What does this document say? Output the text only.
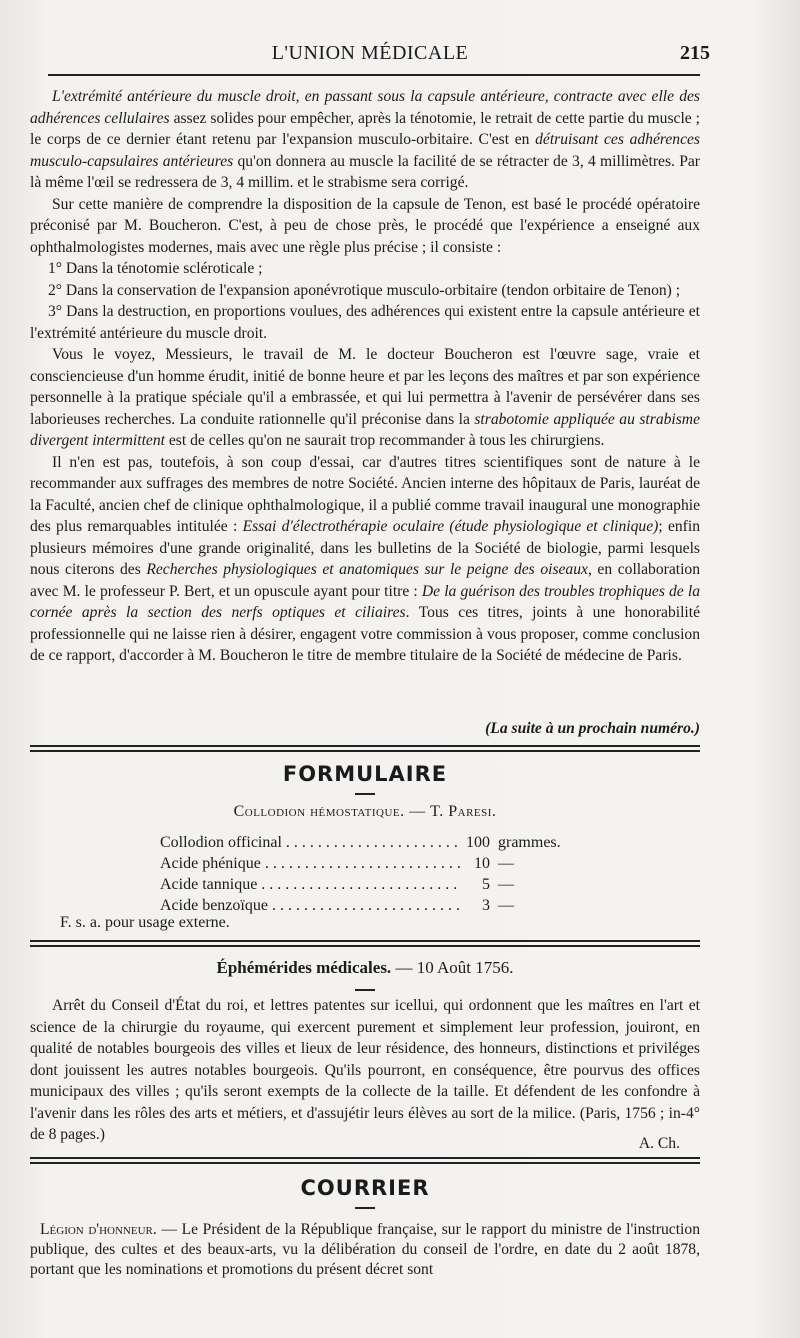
L'UNION MÉDICALE	215

L'extrémité antérieure du muscle droit, en passant sous la capsule antérieure, contracte avec elle des adhérences cellulaires assez solides pour empêcher, après la ténotomie, le retrait de cette partie du muscle ; le corps de ce dernier étant retenu par l'expansion musculo-orbitaire. C'est en détruisant ces adhérences musculo-capsulaires antérieures qu'on donnera au muscle la facilité de se rétracter de 3, 4 millimètres. Par là même l'œil se redressera de 3, 4 millim. et le strabisme sera corrigé.

Sur cette manière de comprendre la disposition de la capsule de Tenon, est basé le procédé opératoire préconisé par M. Boucheron. C'est, à peu de chose près, le procédé que l'expérience a enseigné aux ophthalmologistes modernes, mais avec une règle plus précise ; il consiste :

1° Dans la ténotomie scléroticale ;

2° Dans la conservation de l'expansion aponévrotique musculo-orbitaire (tendon orbitaire de Tenon) ;

3° Dans la destruction, en proportions voulues, des adhérences qui existent entre la capsule antérieure et l'extrémité antérieure du muscle droit.

Vous le voyez, Messieurs, le travail de M. le docteur Boucheron est l'œuvre sage, vraie et consciencieuse d'un homme érudit, initié de bonne heure et par les leçons des maîtres et par son expérience personnelle à la pratique spéciale qu'il a embrassée, et qui lui permettra à l'avenir de persévérer dans ses laborieuses recherches. La conduite rationnelle qu'il préconise dans la strabotomie appliquée au strabisme divergent intermittent est de celles qu'on ne saurait trop recommander à tous les chirurgiens.

Il n'en est pas, toutefois, à son coup d'essai, car d'autres titres scientifiques sont de nature à le recommander aux suffrages des membres de notre Société. Ancien interne des hôpitaux de Paris, lauréat de la Faculté, ancien chef de clinique ophthalmologique, il a publié comme travail inaugural une monographie des plus remarquables intitulée : Essai d'électrothérapie oculaire (étude physiologique et clinique); enfin plusieurs mémoires d'une grande originalité, dans les bulletins de la Société de biologie, parmi lesquels nous citerons des Recherches physiologiques et anatomiques sur le peigne des oiseaux, en collaboration avec M. le professeur P. Bert, et un opuscule ayant pour titre : De la guérison des troubles trophiques de la cornée après la section des nerfs optiques et ciliaires. Tous ces titres, joints à une honorabilité professionnelle qui ne laisse rien à désirer, engagent votre commission à vous proposer, comme conclusion de ce rapport, d'accorder à M. Boucheron le titre de membre titulaire de la Société de médecine de Paris.

(La suite à un prochain numéro.)
FORMULAIRE
Collodion hémostatique. — T. Paresi.
Collodion officinal . . .	100 grammes.
Acide phénique . . .	10 —
Acide tannique . . .	5 —
Acide benzoïque . . .	3 —
F. s. a. pour usage externe.
Éphémérides médicales. — 10 Août 1756.

Arrêt du Conseil d'État du roi, et lettres patentes sur icellui, qui ordonnent que les maîtres en l'art et science de la chirurgie du royaume, qui exercent purement et simplement leur profession, jouiront, en qualité de notables bourgeois des villes et lieux de leur résidence, des honneurs, distinctions et priviléges dont jouissent les autres notables bourgeois. Qu'ils pourront, en conséquence, être pourvus des offices municipaux des villes ; qu'ils seront exempts de la collecte de la taille. Et défendent de les confondre à l'avenir dans les rôles des arts et métiers, et d'assujétir leurs élèves au sort de la milice. (Paris, 1756 ; in-4° de 8 pages.)

A. Ch.
COURRIER

Légion d'honneur. — Le Président de la République française, sur le rapport du ministre de l'instruction publique, des cultes et des beaux-arts, vu la délibération du conseil de l'ordre, en date du 2 août 1878, portant que les nominations et promotions du présent décret sont
